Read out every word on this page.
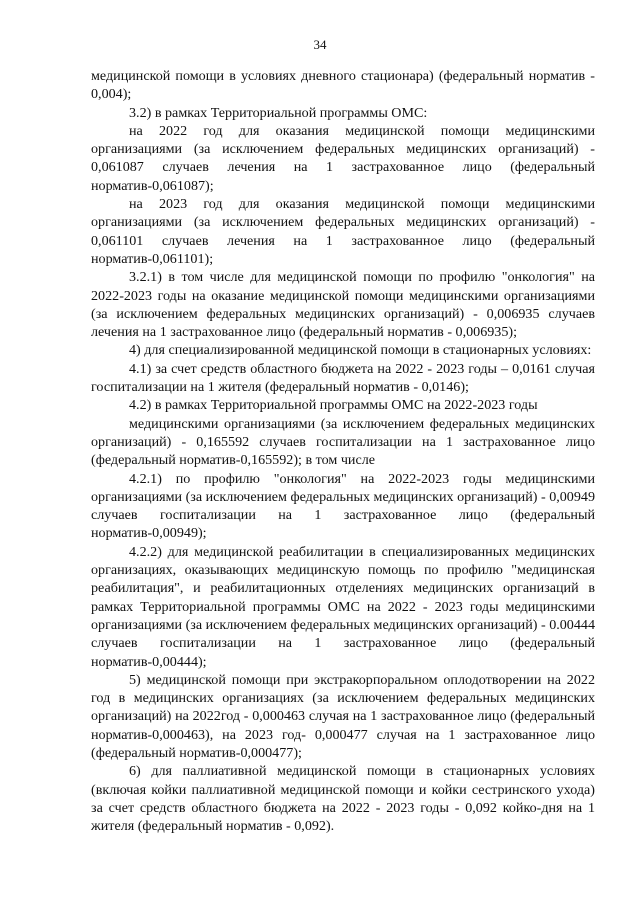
34

медицинской помощи в условиях дневного стационара) (федеральный норматив - 0,004);

3.2) в рамках Территориальной программы ОМС:

на 2022 год для оказания медицинской помощи медицинскими организациями (за исключением федеральных медицинских организаций) - 0,061087 случаев лечения на 1 застрахованное лицо (федеральный норматив-0,061087);

на 2023 год для оказания медицинской помощи медицинскими организациями (за исключением федеральных медицинских организаций) - 0,061101 случаев лечения на 1 застрахованное лицо (федеральный норматив-0,061101);

3.2.1) в том числе для медицинской помощи по профилю "онкология" на 2022-2023 годы на оказание медицинской помощи медицинскими организациями (за исключением федеральных медицинских организаций) - 0,006935 случаев лечения на 1 застрахованное лицо (федеральный норматив - 0,006935);

4) для специализированной медицинской помощи в стационарных условиях:

4.1) за счет средств областного бюджета на 2022 - 2023 годы – 0,0161 случая госпитализации на 1 жителя (федеральный норматив - 0,0146);

4.2) в рамках Территориальной программы ОМС на 2022-2023 годы

медицинскими организациями (за исключением федеральных медицинских организаций) - 0,165592 случаев госпитализации на 1 застрахованное лицо (федеральный норматив-0,165592); в том числе

4.2.1) по профилю "онкология" на 2022-2023 годы медицинскими организациями (за исключением федеральных медицинских организаций) - 0,00949 случаев госпитализации на 1 застрахованное лицо (федеральный норматив-0,00949);

4.2.2) для медицинской реабилитации в специализированных медицинских организациях, оказывающих медицинскую помощь по профилю "медицинская реабилитация", и реабилитационных отделениях медицинских организаций в рамках Территориальной программы ОМС на 2022 - 2023 годы медицинскими организациями (за исключением федеральных медицинских организаций) - 0.00444 случаев госпитализации на 1 застрахованное лицо (федеральный норматив-0,00444);

5) медицинской помощи при экстракорпоральном оплодотворении на 2022 год в медицинских организациях (за исключением федеральных медицинских организаций) на 2022год - 0,000463 случая на 1 застрахованное лицо (федеральный норматив-0,000463), на 2023 год- 0,000477 случая на 1 застрахованное лицо (федеральный норматив-0,000477);

6) для паллиативной медицинской помощи в стационарных условиях (включая койки паллиативной медицинской помощи и койки сестринского ухода) за счет средств областного бюджета на 2022 - 2023 годы - 0,092 койко-дня на 1 жителя (федеральный норматив - 0,092).
